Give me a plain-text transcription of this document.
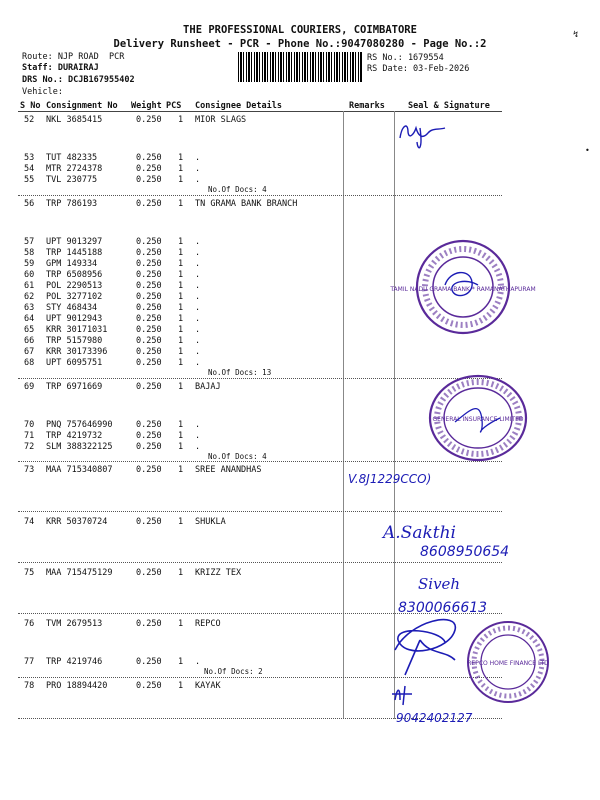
↯
•
THE PROFESSIONAL COURIERS, COIMBATORE
Delivery Runsheet - PCR - Phone No.:9047080280 - Page No.:2
Route: NJP ROAD  PCR
Staff: DURAIRAJ
DRS No.: DCJB167955402
Vehicle:
RS No.: 1679554
RS Date: 03-Feb-2026
S No Consignment No Weight PCS Consignee Details	Remarks	Seal & Signature
52 NKL 3685415	0.250 1 MIOR SLAGS
53 TUT 482335	0.250 1 .
54 MTR 2724378	0.250 1 .
55 TVL 230775	0.250 1 .
No.Of Docs: 4
56 TRP 786193	0.250 1 TN GRAMA BANK BRANCH
57 UPT 9013297	0.250 1 .
58 TRP 1445188	0.250 1 .
59 GPM 149334	0.250 1 .
60 TRP 6508956	0.250 1 .
61 POL 2290513	0.250 1 .
62 POL 3277102	0.250 1 .
63 STY 468434	0.250 1 .
64 UPT 9012943	0.250 1 .
65 KRR 30171031	0.250 1 .
66 TRP 5157980	0.250 1 .
67 KRR 30173396	0.250 1 .
68 UPT 6095751	0.250 1 .
No.Of Docs: 13
69 TRP 6971669	0.250 1 BAJAJ
70 PNQ 757646990	0.250 1 .
71 TRP 4219732	0.250 1 .
72 SLM 388322125	0.250 1 .
No.Of Docs: 4
73 MAA 715340807	0.250 1 SREE ANANDHAS
74 KRR 50370724	0.250 1 SHUKLA
75 MAA 715475129	0.250 1 KRIZZ TEX
76 TVM 2679513	0.250 1 REPCO
77 TRP 4219746	0.250 1 .
No.Of Docs: 2
78 PRO 18894420	0.250 1 KAYAK
TAMIL NADU GRAMA BANK * RAMANATHAPURAM
GENERAL INSURANCE LIMITED
V.8J1229CCO)
A.Sakthi
8608950654
Siveh
8300066613
REPCO HOME FINANCE LTD
9042402127
